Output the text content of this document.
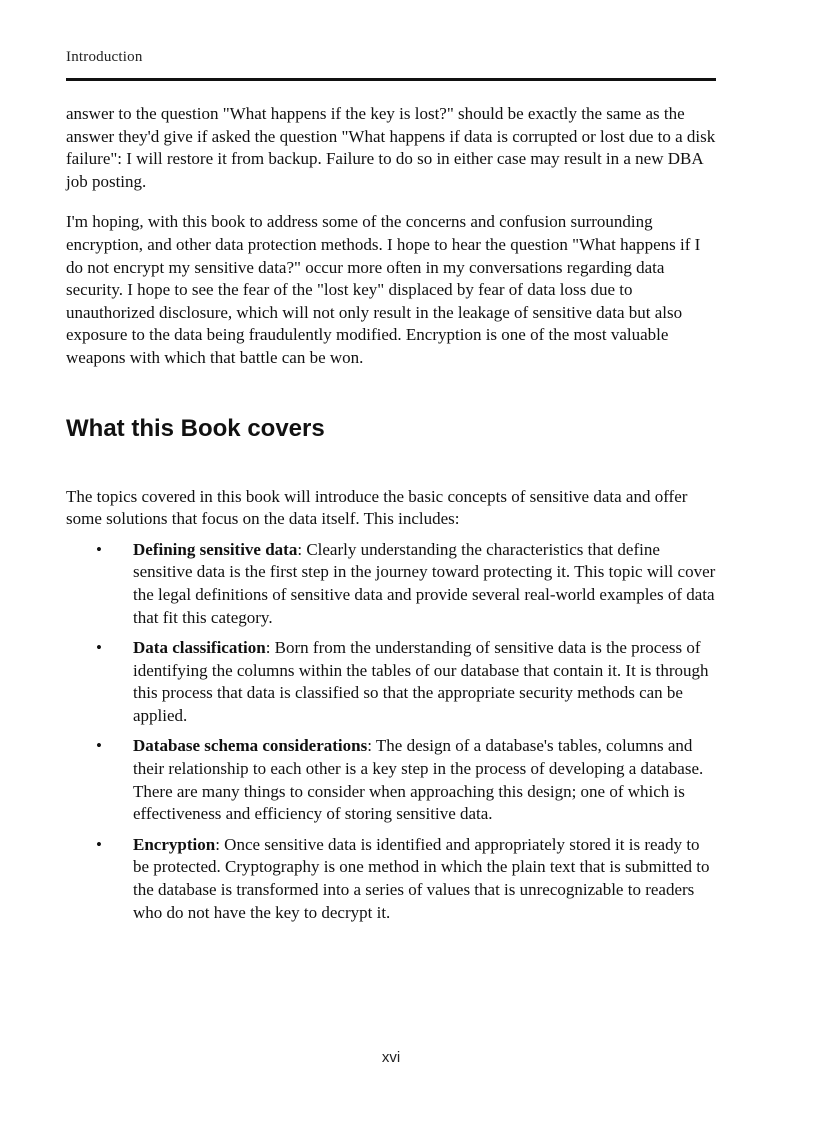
Introduction

answer to the question "What happens if the key is lost?" should be exactly the same as the answer they'd give if asked the question "What happens if data is corrupted or lost due to a disk failure": I will restore it from backup. Failure to do so in either case may result in a new DBA job posting.

I'm hoping, with this book to address some of the concerns and confusion surrounding encryption, and other data protection methods. I hope to hear the question "What happens if I do not encrypt my sensitive data?" occur more often in my conversations regarding data security. I hope to see the fear of the "lost key" displaced by fear of data loss due to unauthorized disclosure, which will not only result in the leakage of sensitive data but also exposure to the data being fraudulently modified. Encryption is one of the most valuable weapons with which that battle can be won.

What this Book covers

The topics covered in this book will introduce the basic concepts of sensitive data and offer some solutions that focus on the data itself. This includes:

• Defining sensitive data: Clearly understanding the characteristics that define sensitive data is the first step in the journey toward protecting it. This topic will cover the legal definitions of sensitive data and provide several real-world examples of data that fit this category.
• Data classification: Born from the understanding of sensitive data is the process of identifying the columns within the tables of our database that contain it. It is through this process that data is classified so that the appropriate security methods can be applied.
• Database schema considerations: The design of a database's tables, columns and their relationship to each other is a key step in the process of developing a database. There are many things to consider when approaching this design; one of which is effectiveness and efficiency of storing sensitive data.
• Encryption: Once sensitive data is identified and appropriately stored it is ready to be protected. Cryptography is one method in which the plain text that is submitted to the database is transformed into a series of values that is unrecognizable to readers who do not have the key to decrypt it.
xvi
